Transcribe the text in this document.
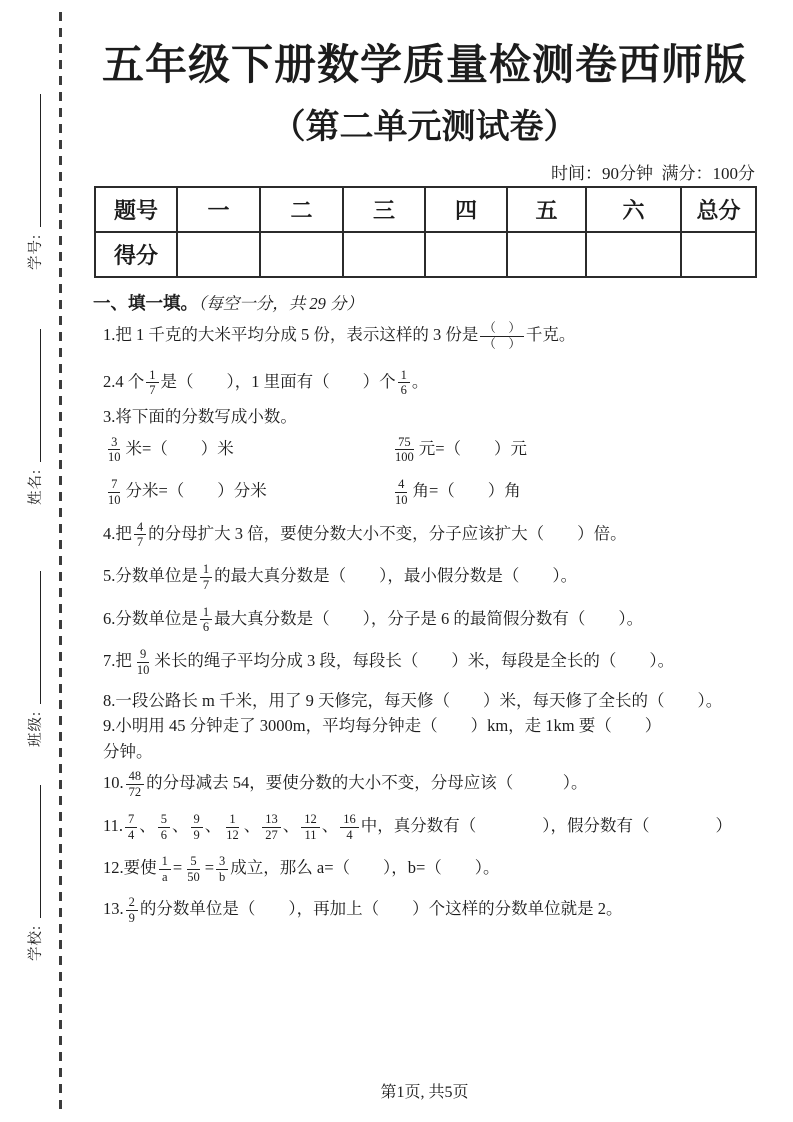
学号:
姓名:
班级:
学校:
五年级下册数学质量检测卷西师版
（第二单元测试卷）
时间：90分钟  满分：100分
题号	一	二	三	四	五	六	总分
得分							
一、填一填。（每空一分，共 29 分）
1.把 1 千克的大米平均分成 5 份，表示这样的 3 份是 $\frac{( )}{( )}$ 千克。
2.4 个 $\frac{1}{7}$ 是（　　），1 里面有（　　）个 $\frac{1}{6}$ 。
3.将下面的分数写成小数。
$\frac{3}{10}$ 米=（　　）米	$\frac{75}{100}$ 元=（　　）元
$\frac{7}{10}$ 分米=（　　）分米	$\frac{4}{10}$ 角=（　　）角
4.把 $\frac{4}{7}$ 的分母扩大 3 倍，要使分数大小不变，分子应该扩大（　　）倍。
5.分数单位是 $\frac{1}{7}$ 的最大真分数是（　　），最小假分数是（　　）。
6.分数单位是 $\frac{1}{6}$ 最大真分数是（　　），分子是 6 的最简假分数有（　　）。
7.把 $\frac{9}{10}$ 米长的绳子平均分成 3 段，每段长（　　）米，每段是全长的（　　）。
8.一段公路长 m 千米，用了 9 天修完，每天修（　　）米，每天修了全长的（　　）。
9.小明用 45 分钟走了 3000m，平均每分钟走（　　）km，走 1km 要（　　）
分钟。
10. $\frac{48}{72}$ 的分母减去 54，要使分数的大小不变，分母应该（　　　）。
11. $\frac{7}{4}$ 、 $\frac{5}{6}$ 、 $\frac{9}{9}$ 、 $\frac{1}{12}$ 、 $\frac{13}{27}$ 、 $\frac{12}{11}$ 、 $\frac{16}{4}$ 中，真分数有（　　　　），假分数有（　　　　）
12.要使 $\frac{1}{a} = \frac{5}{50} = \frac{3}{b}$ 成立，那么 a=（　　），b=（　　）。
13. $\frac{2}{9}$ 的分数单位是（　　），再加上（　　）个这样的分数单位就是 2。
第1页, 共5页
